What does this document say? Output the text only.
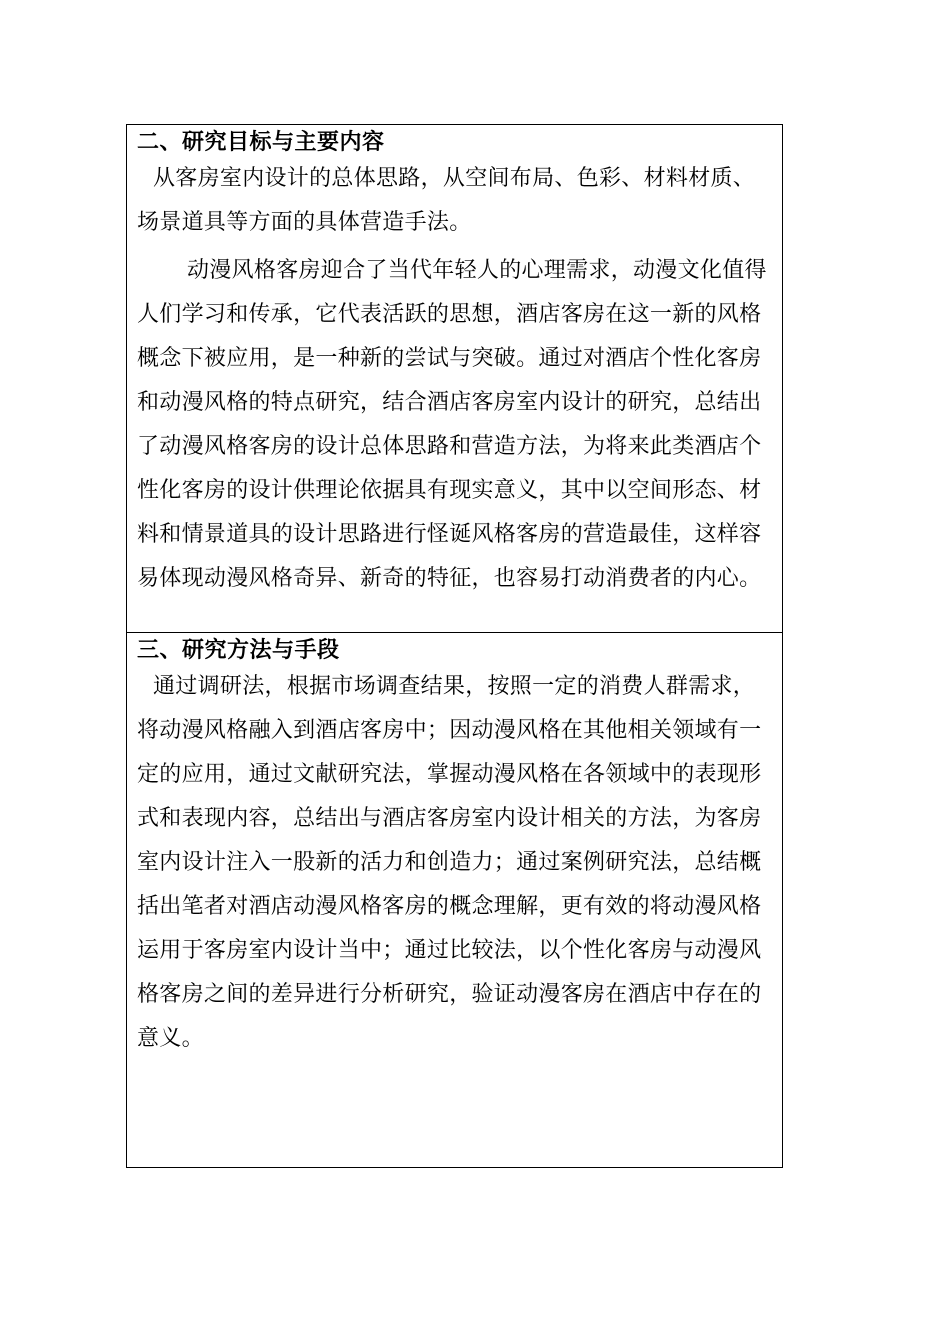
二、研究目标与主要内容

从客房室内设计的总体思路，从空间布局、色彩、材料材质、场景道具等方面的具体营造手法。

动漫风格客房迎合了当代年轻人的心理需求，动漫文化值得人们学习和传承，它代表活跃的思想，酒店客房在这一新的风格概念下被应用，是一种新的尝试与突破。通过对酒店个性化客房和动漫风格的特点研究，结合酒店客房室内设计的研究，总结出了动漫风格客房的设计总体思路和营造方法，为将来此类酒店个性化客房的设计供理论依据具有现实意义，其中以空间形态、材料和情景道具的设计思路进行怪诞风格客房的营造最佳，这样容易体现动漫风格奇异、新奇的特征，也容易打动消费者的内心。

三、研究方法与手段

通过调研法，根据市场调查结果，按照一定的消费人群需求，将动漫风格融入到酒店客房中；因动漫风格在其他相关领域有一定的应用，通过文献研究法，掌握动漫风格在各领域中的表现形式和表现内容，总结出与酒店客房室内设计相关的方法，为客房室内设计注入一股新的活力和创造力；通过案例研究法，总结概括出笔者对酒店动漫风格客房的概念理解，更有效的将动漫风格运用于客房室内设计当中；通过比较法，以个性化客房与动漫风格客房之间的差异进行分析研究，验证动漫客房在酒店中存在的意义。
